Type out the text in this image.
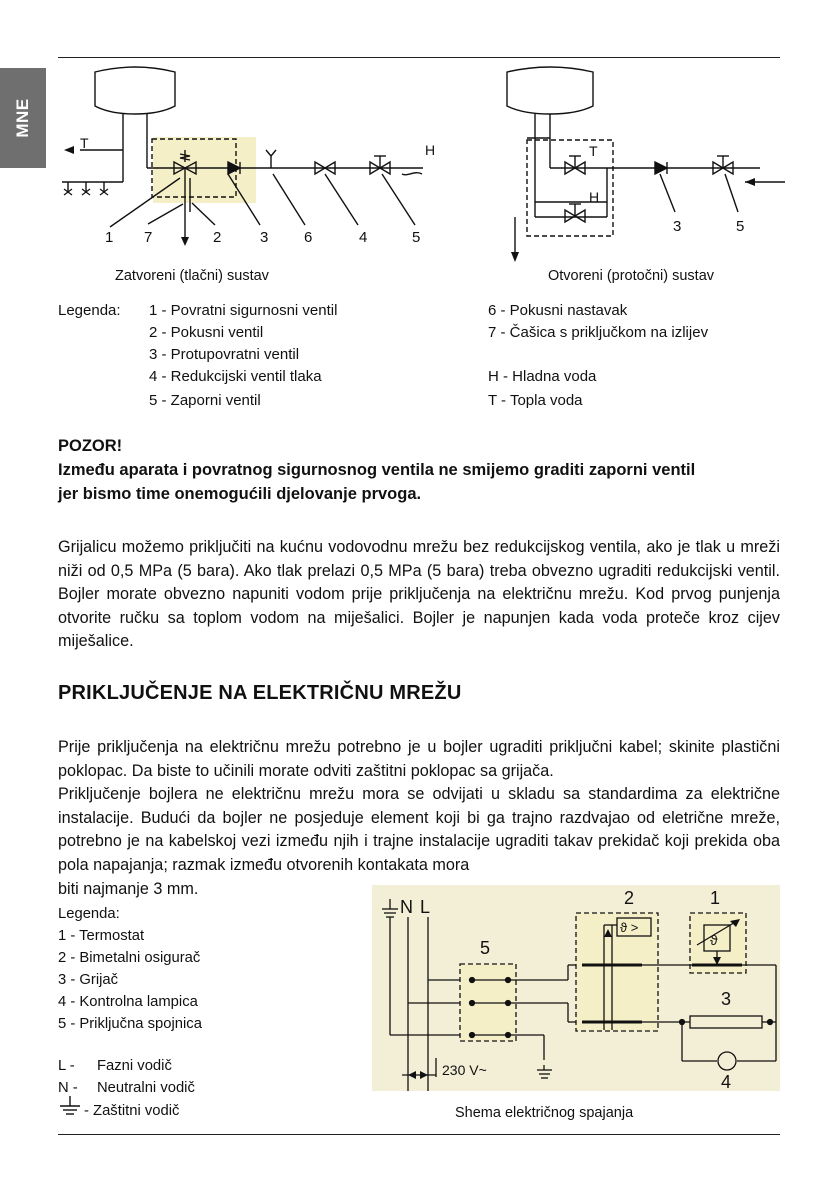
MNE
T	H
1 7	2	3 6	4	5
T
H
3	5
Zatvoreni (tlačni) sustav	Otvoreni (protočni) sustav
Legenda: 1 - Povratni sigurnosni ventil
2 - Pokusni ventil
3 - Protupovratni ventil
4 - Redukcijski ventil tlaka
5 - Zaporni ventil
6 - Pokusni nastavak
7 - Čašica s priključkom na izlijev
H - Hladna voda
T - Topla voda
POZOR!
Između aparata i povratnog sigurnosnog ventila ne smijemo graditi zaporni ventil
jer bismo time onemogućili djelovanje prvoga.
Grijalicu možemo priključiti na kućnu vodovodnu mrežu bez redukcijskog ventila, ako je tlak u mreži niži od 0,5 MPa (5 bara). Ako tlak prelazi 0,5 MPa (5 bara) treba obvezno ugraditi redukcijski ventil. Bojler morate obvezno napuniti vodom prije priključenja na električnu mrežu. Kod prvog punjenja otvorite ručku sa toplom vodom na miješalici. Bojler je napunjen kada voda proteče kroz cijev miješalice.
PRIKLJUČENJE NA ELEKTRIČNU MREŽU
Prije priključenja na električnu mrežu potrebno je u bojler ugraditi priključni kabel; skinite plastični poklopac. Da biste to učinili morate odviti zaštitni poklopac sa grijača.
Priključenje bojlera ne električnu mrežu mora se odvijati u skladu sa standardima za električne instalacije. Budući da bojler ne posjeduje element koji bi ga trajno razdvajao od eletrične mreže, potrebno je na kabelskoj vezi između njih i trajne instalacije ugraditi takav prekidač koji prekida oba pola napajanja; razmak između otvorenih kontakata mora
biti najmanje 3 mm.
Legenda:
1 - Termostat
2 - Bimetalni osigurač
3 - Grijač
4 - Kontrolna lampica
5 - Priključna spojnica
L - Fazni vodič
N - Neutralni vodič
- Zaštitni vodič
N L
230 V~
2	1
5
3
4
ϑ >
ϑ
Shema električnog spajanja
